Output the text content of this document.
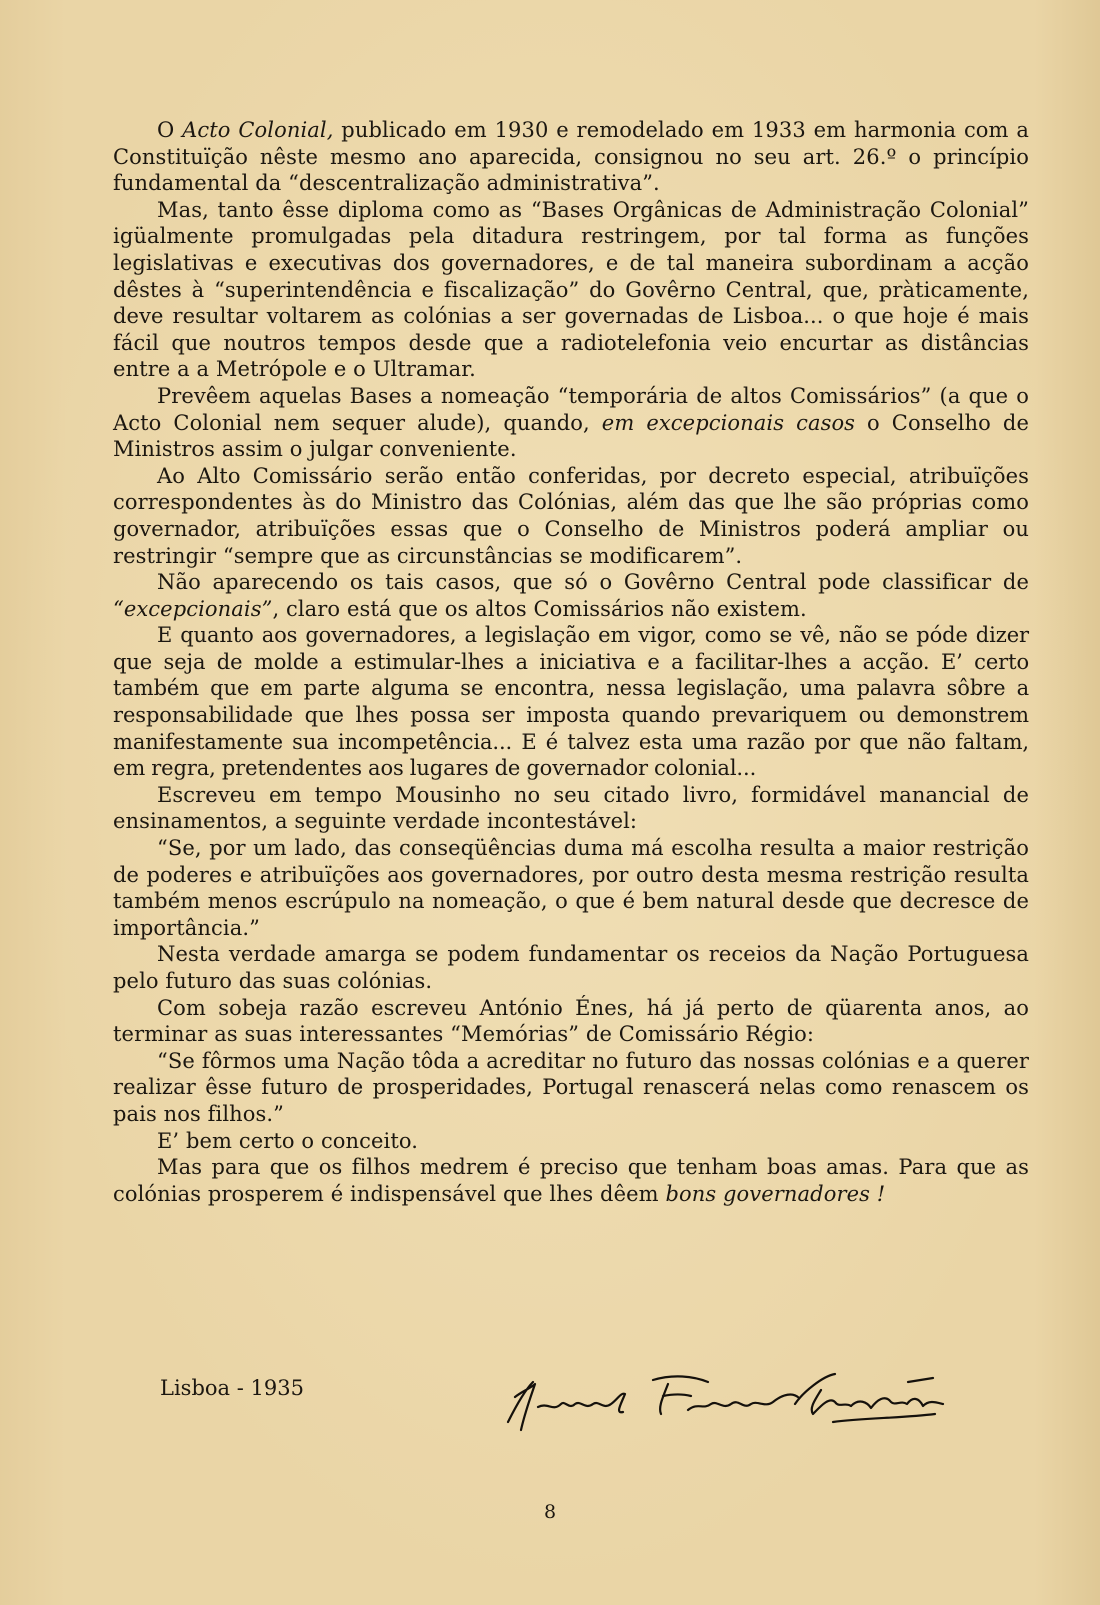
O Acto Colonial, publicado em 1930 e remodelado em 1933 em harmonia com a Constituïção nêste mesmo ano aparecida, consignou no seu art. 26.º o princípio fundamental da “descentralização administrativa”.

Mas, tanto êsse diploma como as “Bases Orgânicas de Administração Colonial” igüalmente promulgadas pela ditadura restringem, por tal forma as funções legislativas e executivas dos governadores, e de tal maneira subordinam a acção dêstes à “superintendência e fiscalização” do Govêrno Central, que, pràticamente, deve resultar voltarem as colónias a ser governadas de Lisboa... o que hoje é mais fácil que noutros tempos desde que a radiotelefonia veio encurtar as distâncias entre a a Metrópole e o Ultramar.

Prevêem aquelas Bases a nomeação “temporária de altos Comissários” (a que o Acto Colonial nem sequer alude), quando, em excepcionais casos o Conselho de Ministros assim o julgar conveniente.

Ao Alto Comissário serão então conferidas, por decreto especial, atribuïções correspondentes às do Ministro das Colónias, além das que lhe são próprias como governador, atribuïções essas que o Conselho de Ministros poderá ampliar ou restringir “sempre que as circunstâncias se modificarem”.

Não aparecendo os tais casos, que só o Govêrno Central pode classificar de “excepcionais”, claro está que os altos Comissários não existem.

E quanto aos governadores, a legislação em vigor, como se vê, não se póde dizer que seja de molde a estimular-lhes a iniciativa e a facilitar-lhes a acção. E’ certo também que em parte alguma se encontra, nessa legislação, uma palavra sôbre a responsabilidade que lhes possa ser imposta quando prevariquem ou demonstrem manifestamente sua incompetência... E é talvez esta uma razão por que não faltam, em regra, pretendentes aos lugares de governador colonial...

Escreveu em tempo Mousinho no seu citado livro, formidável manancial de ensinamentos, a seguinte verdade incontestável:

“Se, por um lado, das conseqüências duma má escolha resulta a maior restrição de poderes e atribuïções aos governadores, por outro desta mesma restrição resulta também menos escrúpulo na nomeação, o que é bem natural desde que decresce de importância.”

Nesta verdade amarga se podem fundamentar os receios da Nação Portuguesa pelo futuro das suas colónias.

Com sobeja razão escreveu António Énes, há já perto de qüarenta anos, ao terminar as suas interessantes “Memórias” de Comissário Régio:

“Se fôrmos uma Nação tôda a acreditar no futuro das nossas colónias e a querer realizar êsse futuro de prosperidades, Portugal renascerá nelas como renascem os pais nos filhos.”

E’ bem certo o conceito.

Mas para que os filhos medrem é preciso que tenham boas amas. Para que as colónias prosperem é indispensável que lhes dêem bons governadores !

Lisboa - 1935
8
